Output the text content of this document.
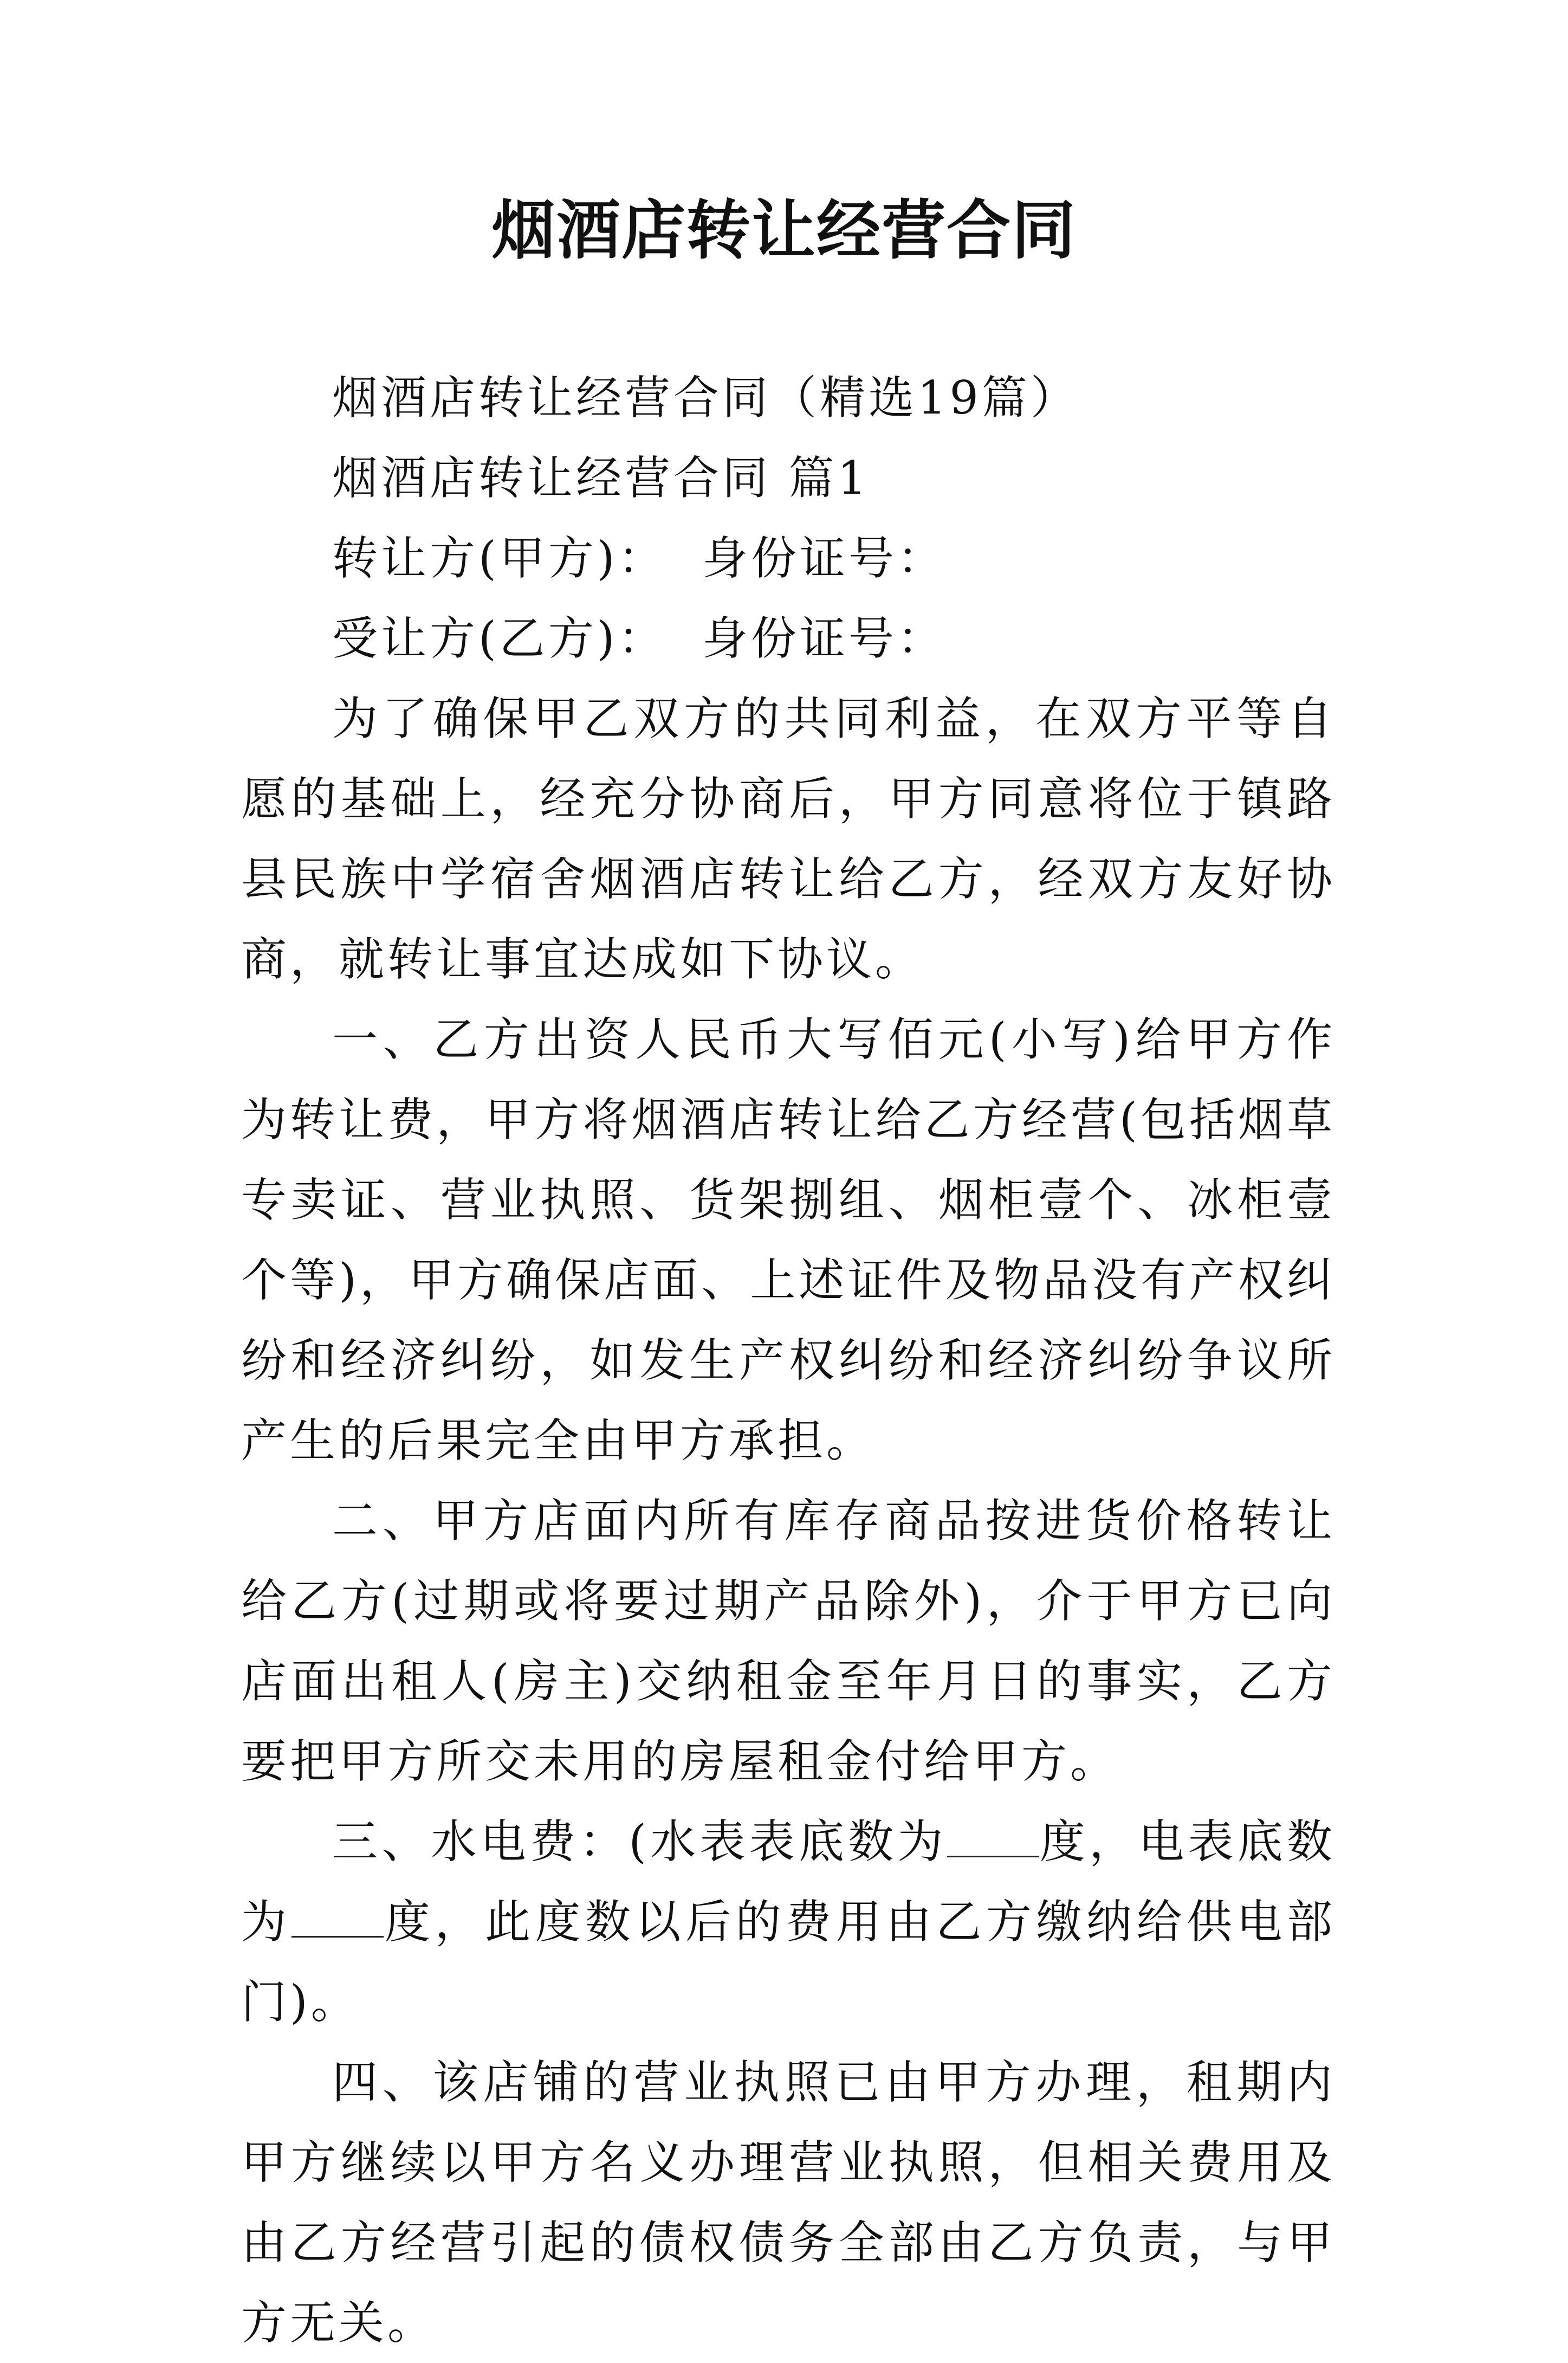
烟酒店转让经营合同

烟酒店转让经营合同（精选19篇）

烟酒店转让经营合同 篇1

转让方(甲方)：  身份证号：

受让方(乙方)：  身份证号：

为了确保甲乙双方的共同利益，在双方平等自愿的基础上，经充分协商后，甲方同意将位于镇路县民族中学宿舍烟酒店转让给乙方，经双方友好协商，就转让事宜达成如下协议。

一、乙方出资人民币大写佰元(小写)给甲方作为转让费，甲方将烟酒店转让给乙方经营(包括烟草专卖证、营业执照、货架捌组、烟柜壹个、冰柜壹个等)，甲方确保店面、上述证件及物品没有产权纠纷和经济纠纷，如发生产权纠纷和经济纠纷争议所产生的后果完全由甲方承担。

二、甲方店面内所有库存商品按进货价格转让给乙方(过期或将要过期产品除外)，介于甲方已向店面出租人(房主)交纳租金至年月日的事实，乙方要把甲方所交未用的房屋租金付给甲方。

三、水电费：(水表表底数为 度，电表底数为 度，此度数以后的费用由乙方缴纳给供电部门)。

四、该店铺的营业执照已由甲方办理，租期内甲方继续以甲方名义办理营业执照，但相关费用及由乙方经营引起的债权债务全部由乙方负责，与甲方无关。
